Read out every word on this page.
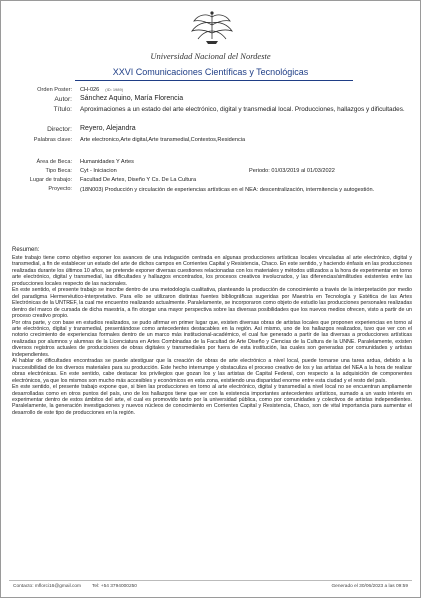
Universidad Nacional del Nordeste
XXVI Comunicaciones Científicas y Tecnológicas
Orden Poster: CH-026 (ID: 1989)
Autor: Sánchez Aquino, María Florencia
Título: Aproximaciones a un estado del arte electrónico, digital y transmedial local. Producciones, hallazgos y dificultades.
Director: Reyero, Alejandra
Palabras clave: Arte electronico,Arte digital,Arte transmedial,Contextos,Residencia
Área de Beca: Humanidades Y Artes
Tipo Beca: Cyt - Iniciacion	Periodo: 01/03/2019 al 01/03/2022
Lugar de trabajo: Facultad De Artes, Diseño Y Cs. De La Cultura
Proyecto: (18N003) Producción y circulación de experiencias artísticas en el NEA: descentralización, intermitencia y autogestión.
Resumen:

Este trabajo tiene como objetivo exponer los avances de una indagación centrada en algunas producciones artísticas locales vinculadas al arte electrónico, digital y transmedial, a fin de establecer un estado del arte de dichos campos en Corrientes Capital y Resistencia, Chaco. En este sentido, y haciendo énfasis en las producciones realizadas durante los últimos 10 años, se pretende exponer diversas cuestiones relacionadas con los materiales y métodos utilizados a la hora de experimentar en torno arte electrónico, digital y transmedial, las dificultades y hallazgos encontrados, los procesos creativos involucrados, y las diferencias/similitudes existentes entre las producciones locales respecto de las nacionales.

En este sentido, el presente trabajo se inscribe dentro de una metodología cualitativa, planteando la producción de conocimiento a través de la interpretación por medio del paradigma Hermenéutico-interpretativo. Para ello se utilizaron distintas fuentes bibliográficas sugeridas por Maestría en Tecnología y Estética de las Artes Electrónicas de la UNTREF, la cual me encuentro realizando actualmente. Paralelamente, se incorporaron como objeto de estudio las producciones personales realizadas dentro del marco de cursada de dicha maestría, a fin otorgar una mayor perspectiva sobre las diversas posibilidades que los nuevos medios ofrecen, visto a partir de un proceso creativo propio.

Por otra parte, y con base en estudios realizados, se pudo afirmar en primer lugar que, existen diversas obras de artistas locales que proponen experiencias en torno al arte electrónico, digital y transmedial, presentándose como antecedentes destacables en la región. Así mismo, uno de los hallazgos realizados, tuvo que ver con el notorio crecimiento de experiencias formales dentro de un marco más institucional-académico, el cual fue generado a partir de las diversas a producciones artísticas realizadas por alumnos y alumnas de la Licenciatura en Artes Combinadas de la Facultad de Arte Diseño y Ciencias de la Cultura de la UNNE. Paralelamente, existen diversos registros actuales de producciones de obras digitales y transmediales por fuera de esta institución, las cuales son generadas por comunidades y artistas independientes.

Al hablar de dificultades encontradas se puede atestiguar que la creación de obras de arte electrónico a nivel local, puede tornarse una tarea ardua, debido a la inaccesibilidad de los diversos materiales para su producción. Este hecho interrumpe y obstaculiza el proceso creativo de los y las artistas del NEA a la hora de realizar obras electrónicas. En este sentido, cabe destacar los privilegios que gozan los y las artistas de Capital Federal, con respecto a la adquisición de componentes electrónicos, ya que los mismos son mucho más accesibles y económicos en esta zona, existiendo una disparidad enorme entre esta ciudad y el resto del país.

En este sentido, el presente trabajo expone que, si bien las producciones en torno al arte electrónico, digital y transmedial a nivel local no se encuentran ampliamente desarrolladas como en otros puntos del país, uno de los hallazgos tiene que ver con la existencia importantes antecedentes artísticos, sumado a un vasto interés en experimentar dentro de estos ámbitos del arte, el cual es promovido tanto por la universidad pública, como por comunidades y colectivos de artistas independientes. Paralelamente, la generación investigaciones y nuevos núcleos de conocimiento en Corrientes Capital y Resistencia, Chaco, son de vital importancia para aumentar el desarrollo de este tipo de producciones en la región.

Contacto: mflorci16@gmail.com Tel: +54 3794000250	Generado el 30/06/2023 a las 09:59
